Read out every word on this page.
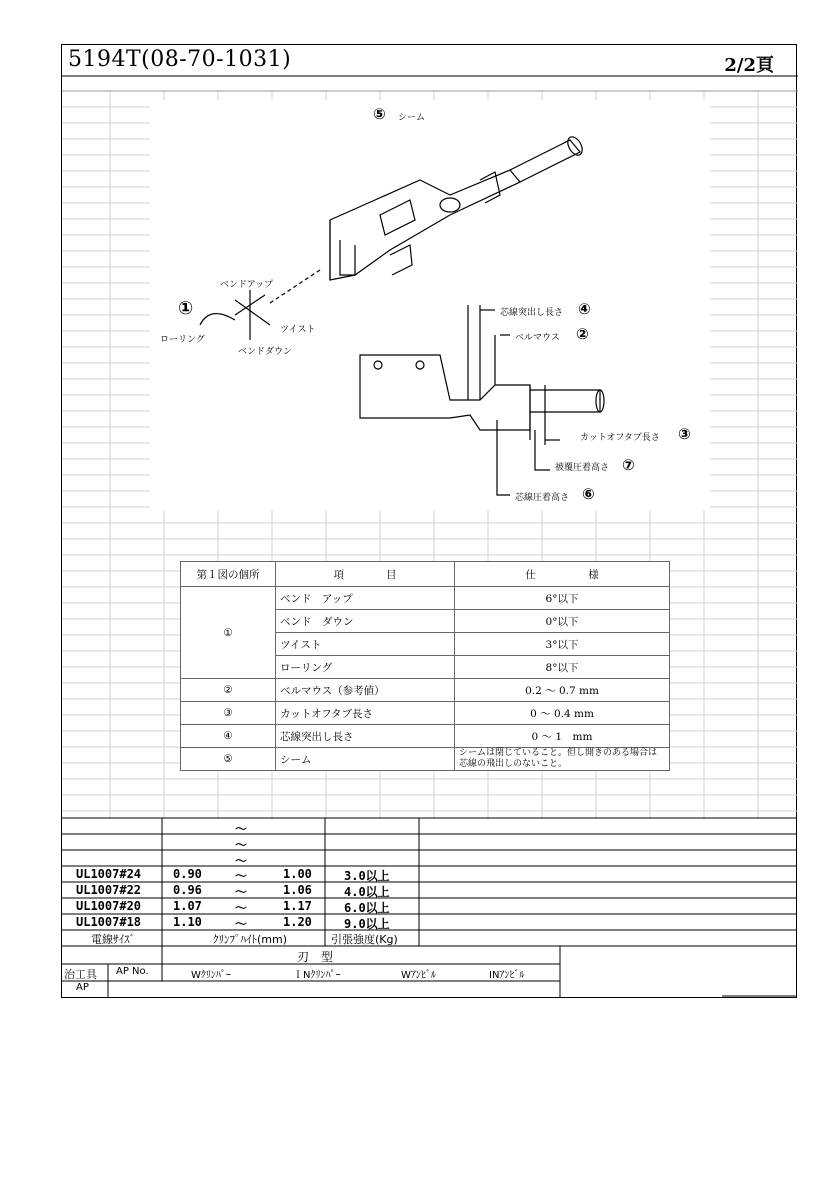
5194T(08-70-1031)	2/2頁
⑤ シーム
ベンドアップ
①
ツイスト
ローリング
ベンドダウン
芯線突出し長さ ④
ベルマウス ②
カットオフタブ長さ ③
被覆圧着高さ ⑦
芯線圧着高さ ⑥
第１図の個所	項　　　　目	仕　　　　　様
①	ベンド　アップ	6°以下
	ベンド　ダウン	0°以下
	ツイスト	3°以下
	ローリング	8°以下
②	ベルマウス（参考値）	0.2 ～ 0.7 mm
③	カットオフタブ長さ	0 ～ 0.4 mm
④	芯線突出し長さ	0 ～ 1　mm
⑤	シーム	シームは閉じていること。但し開きのある場合は芯線の飛出しのないこと。
～
～
～
UL1007#24	0.90	～	1.00	3.0以上
UL1007#22	0.96	～	1.06	4.0以上
UL1007#20	1.07	～	1.17	6.0以上
UL1007#18	1.10	～	1.20	9.0以上
電線ｻｲｽﾞ	ｸﾘﾝﾌﾟﾊｲﾄ(mm)	引張強度(Kg)
刃　型
治工具 AP No.	Wｸﾘﾝﾊﾟｰ	ＩNｸﾘﾝﾊﾟｰ	Wｱﾝﾋﾞﾙ	INｱﾝﾋﾞﾙ
AP
